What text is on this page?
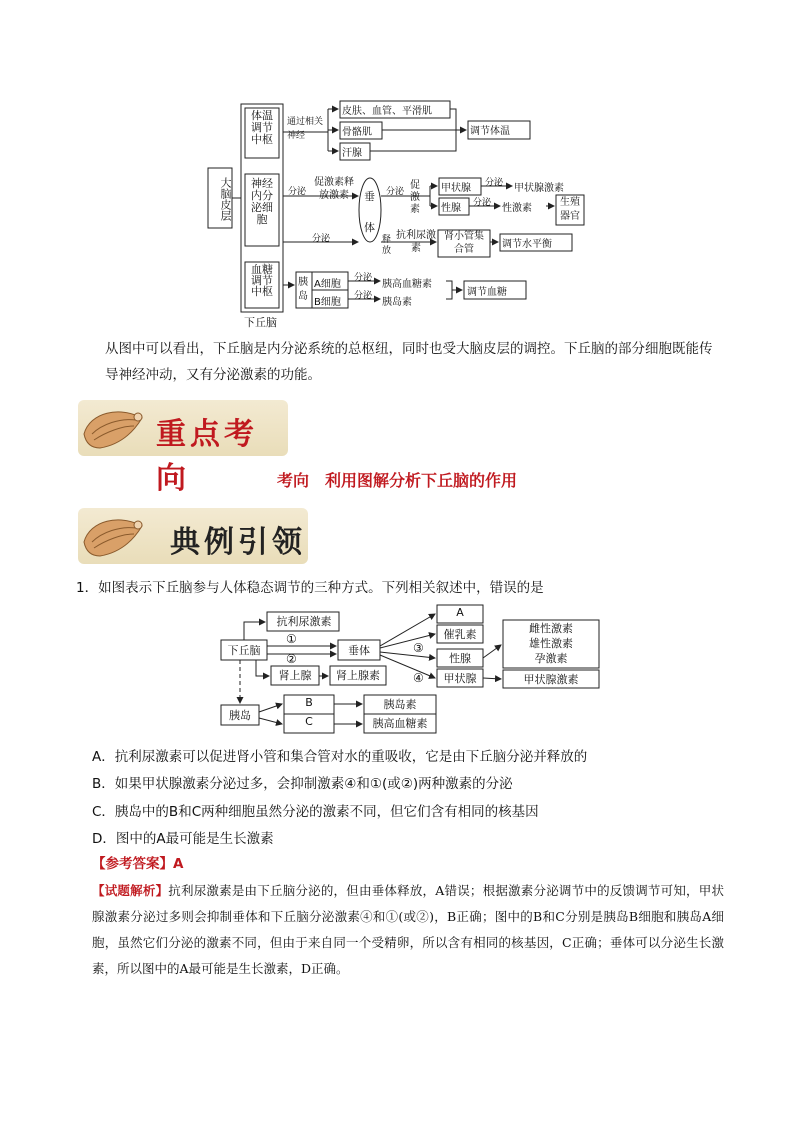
大脑皮层
体温调节中枢
神经内分泌细胞
血糖调节中枢
下丘脑
通过相关神经
皮肤、血管、平滑肌
骨骼肌
汗腺
调节体温
分泌
促激素释放激素	垂
体
分泌
促激素
甲状腺
性腺
分泌 甲状腺激素
分泌 性激素
生殖器官
分泌	释放
抗利尿激素
肾小管集合管	调节水平衡
胰岛
A细胞
B细胞
分泌
分泌
胰高血糖素
胰岛素
调节血糖
从图中可以看出，下丘脑是内分泌系统的总枢纽，同时也受大脑皮层的调控。下丘脑的部分细胞既能传导神经冲动，又有分泌激素的功能。
重点考向	考向　利用图解分析下丘脑的作用
典例引领
1．如图表示下丘脑参与人体稳态调节的三种方式。下列相关叙述中，错误的是
抗利尿激素
下丘脑
①
②
垂体	③
④
A
催乳素
性腺
甲状腺
雌性激素
雄性激素
孕激素
甲状腺激素
肾上腺	肾上腺素
胰岛
B
C
胰岛素
胰高血糖素
A．抗利尿激素可以促进肾小管和集合管对水的重吸收，它是由下丘脑分泌并释放的
B．如果甲状腺激素分泌过多，会抑制激素④和①(或②)两种激素的分泌
C．胰岛中的B和C两种细胞虽然分泌的激素不同，但它们含有相同的核基因
D．图中的A最可能是生长激素
【参考答案】A
【试题解析】抗利尿激素是由下丘脑分泌的，但由垂体释放，A错误；根据激素分泌调节中的反馈调节可知，甲状腺激素分泌过多则会抑制垂体和下丘脑分泌激素④和①(或②)，B正确；图中的B和C分别是胰岛B细胞和胰岛A细胞，虽然它们分泌的激素不同，但由于来自同一个受精卵，所以含有相同的核基因，C正确；垂体可以分泌生长激素，所以图中的A最可能是生长激素，D正确。
